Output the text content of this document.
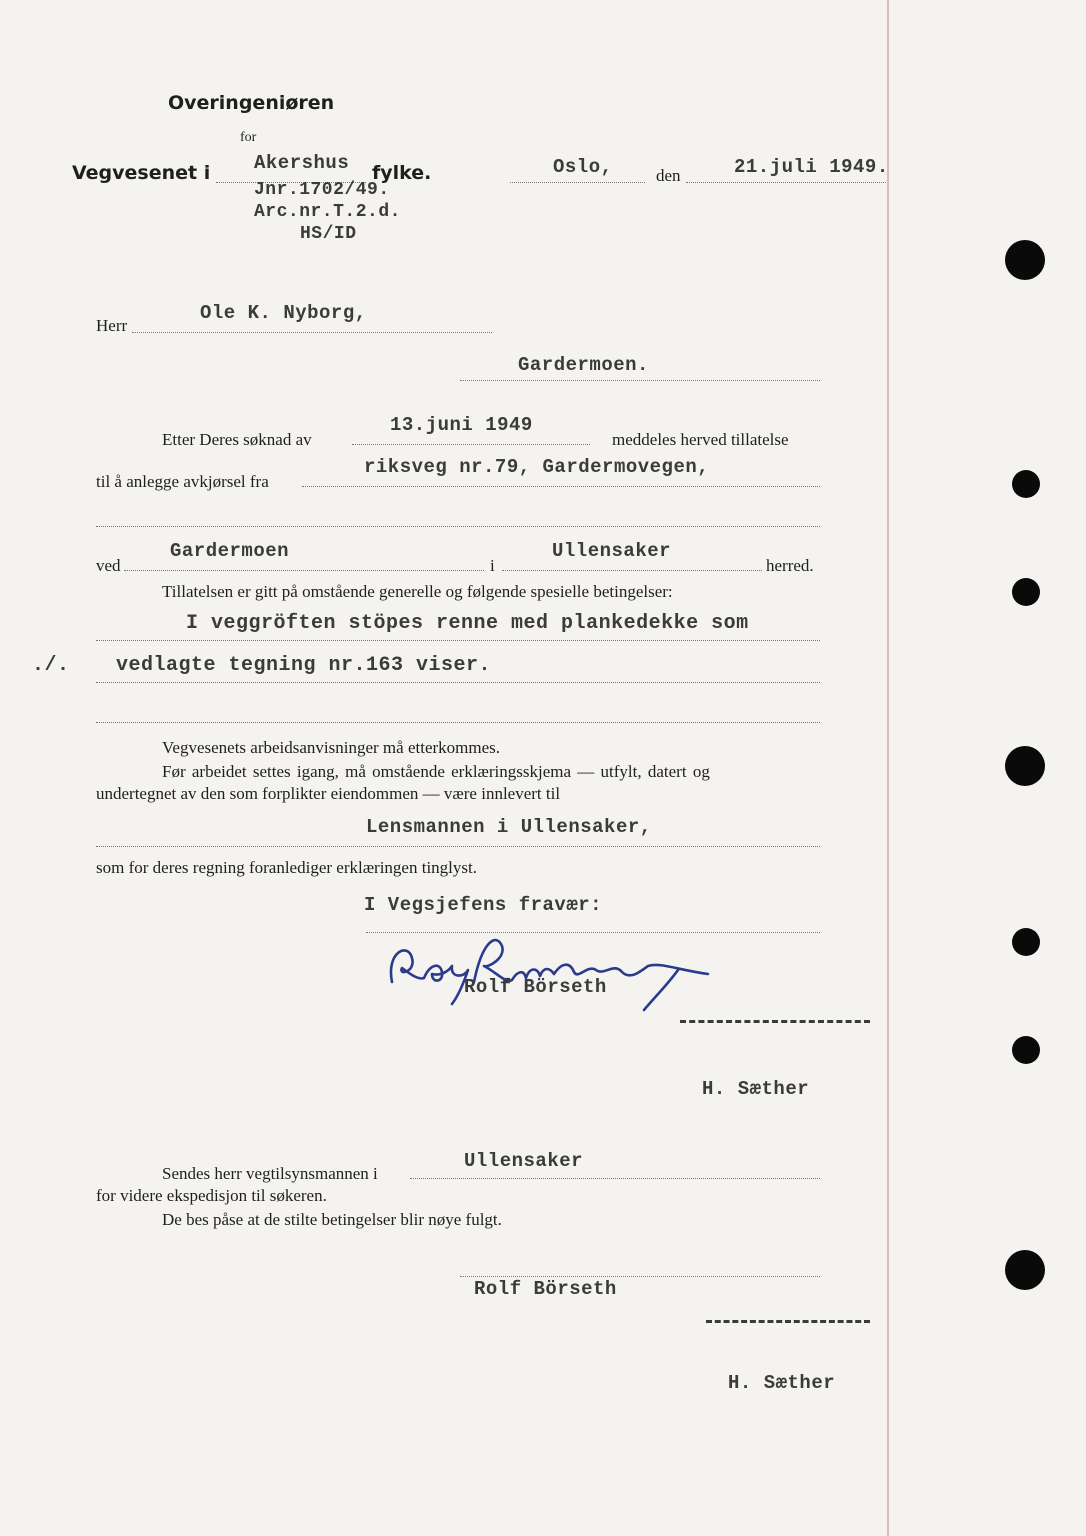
Overingeniøren
for
Vegvesenet i Akershus fylke.
Jnr.1702/49.
Arc.nr.T.2.d.
HS/ID
Oslo,	den	21.juli 1949.
Herr
Ole K. Nyborg,
Gardermoen.
Etter Deres søknad av
13.juni 1949
meddeles herved tillatelse
til å anlegge avkjørsel fra
riksveg nr.79, Gardermovegen,
ved
Gardermoen
i
Ullensaker
herred.
Tillatelsen er gitt på omstående generelle og følgende spesielle betingelser:
I veggröften stöpes renne med plankedekke som
./. vedlagte tegning nr.163 viser.
Vegvesenets arbeidsanvisninger må etterkommes.
Før arbeidet settes igang, må omstående erklæringsskjema — utfylt, datert og
undertegnet av den som forplikter eiendommen — være innlevert til
Lensmannen i Ullensaker,
som for deres regning foranlediger erklæringen tinglyst.
I Vegsjefens fravær:
Rolf Börseth
H. Sæther
Sendes herr vegtilsynsmannen i
Ullensaker
for videre ekspedisjon til søkeren.
De bes påse at de stilte betingelser blir nøye fulgt.
Rolf Börseth
H. Sæther
